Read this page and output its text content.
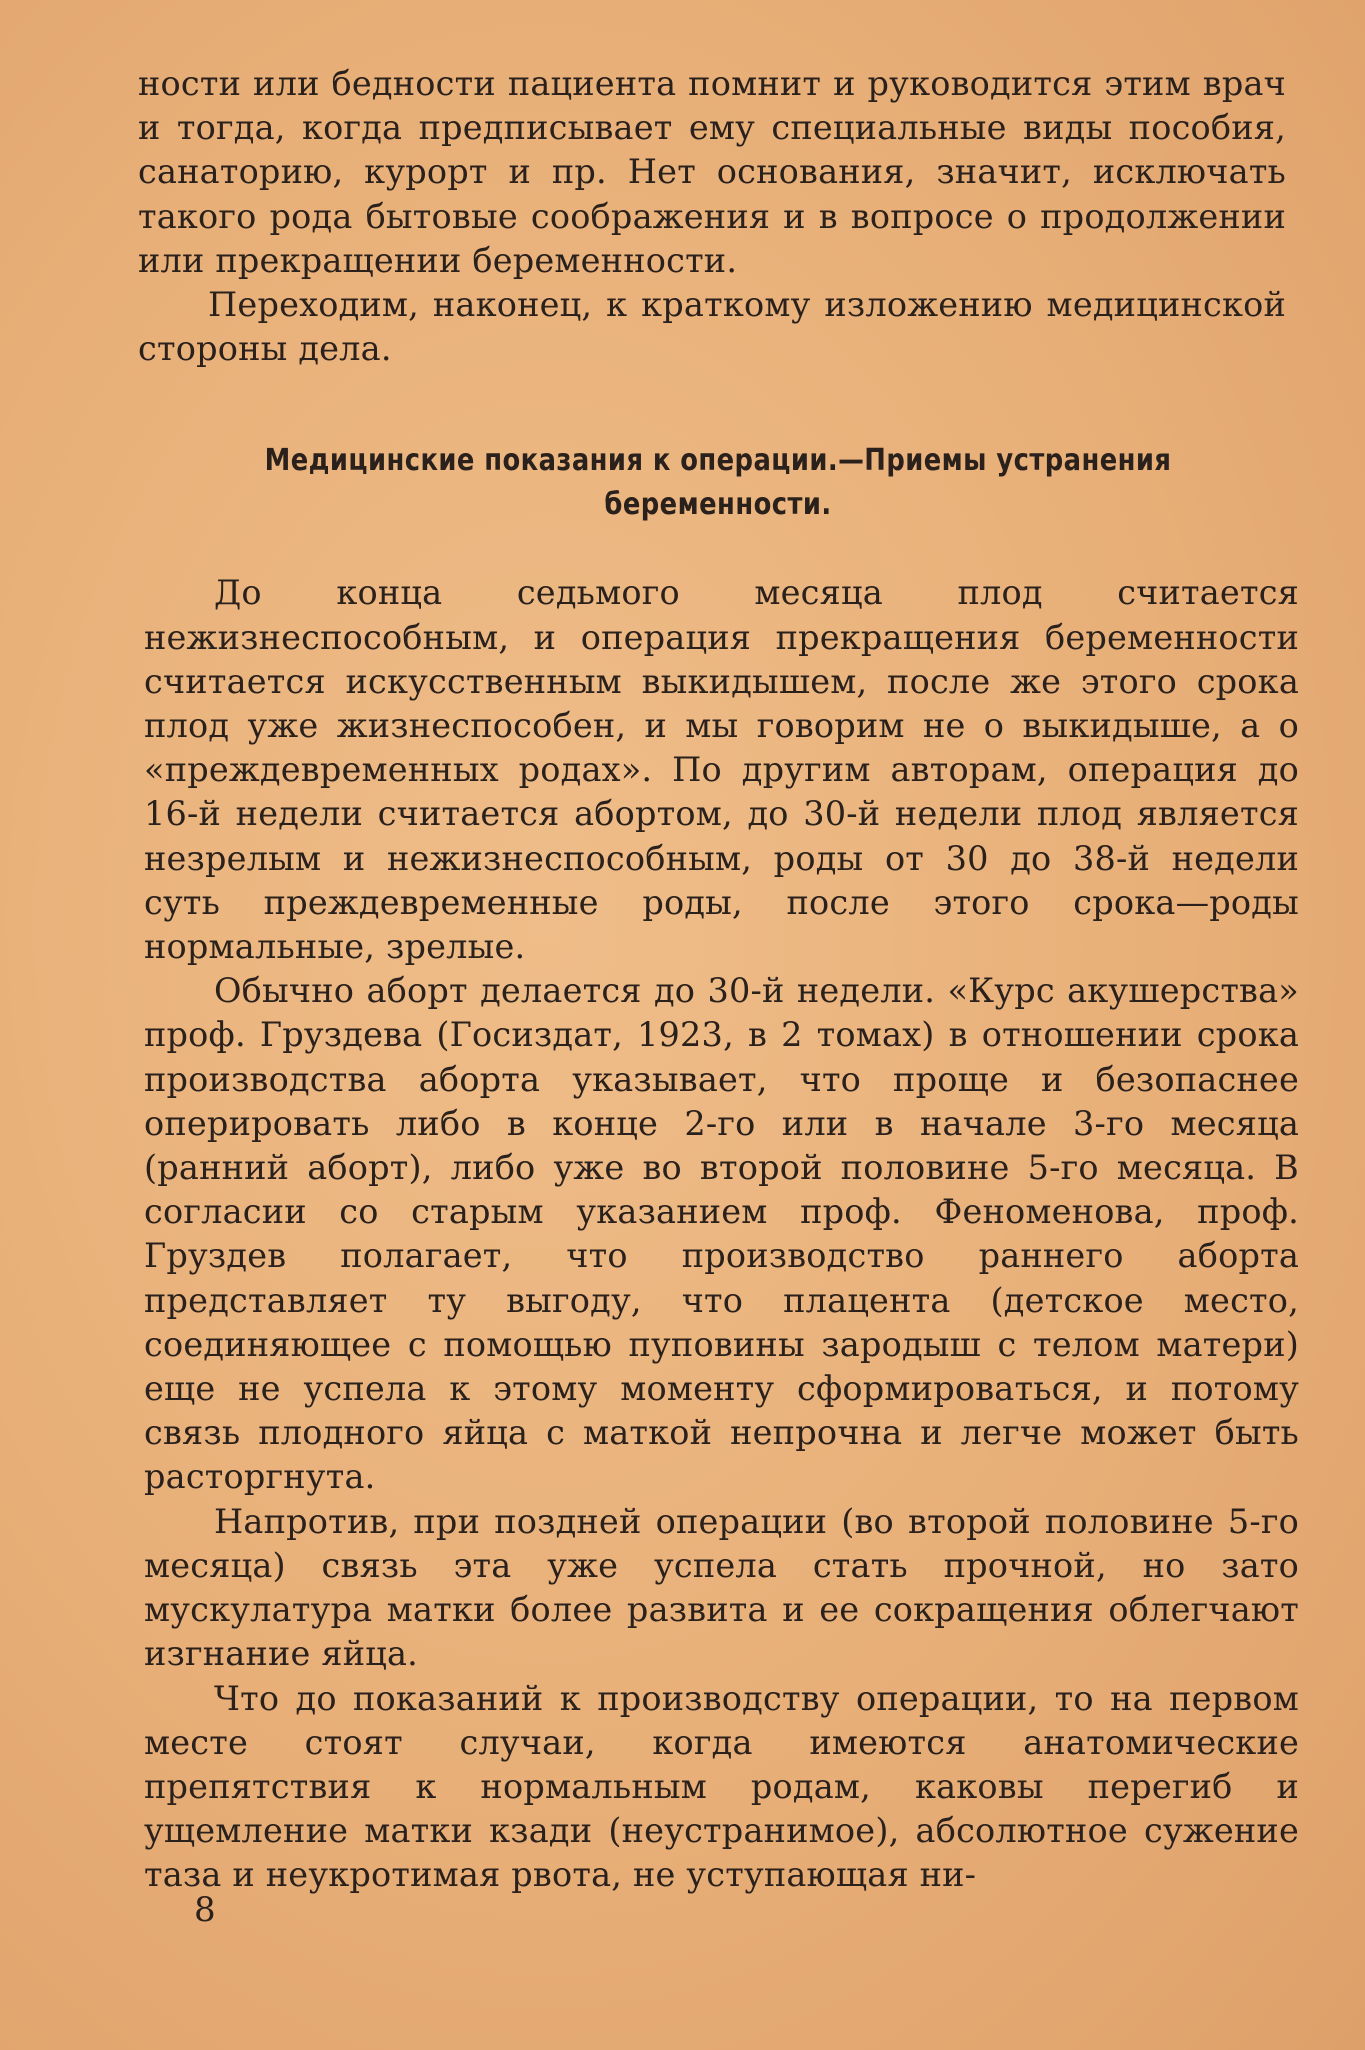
ности или бедности пациента помнит и руководится этим врач и тогда, когда предписывает ему специальные виды пособия, санаторию, курорт и пр. Нет основания, значит, исключать такого рода бытовые соображения и в вопросе о продолжении или прекращении беременности.

Переходим, наконец, к краткому изложению медицинской стороны дела.

Медицинские показания к операции.—Приемы устранения
беременности.

До конца седьмого месяца плод считается нежизнеспособным, и операция прекращения беременности считается искусственным выкидышем, после же этого срока плод уже жизнеспособен, и мы говорим не о выкидыше, а о «преждевременных родах». По другим авторам, операция до 16-й недели считается абортом, до 30-й недели плод является незрелым и нежизнеспособным, роды от 30 до 38-й недели суть преждевременные роды, после этого срока—роды нормальные, зрелые.

Обычно аборт делается до 30-й недели. «Курс акушерства» проф. Груздева (Госиздат, 1923, в 2 томах) в отношении срока производства аборта указывает, что проще и безопаснее оперировать либо в конце 2-го или в начале 3-го месяца (ранний аборт), либо уже во второй половине 5-го месяца. В согласии со старым указанием проф. Феноменова, проф. Груздев полагает, что производство раннего аборта представляет ту выгоду, что плацента (детское место, соединяющее с помощью пуповины зародыш с телом матери) еще не успела к этому моменту сформироваться, и потому связь плодного яйца с маткой непрочна и легче может быть расторгнута.

Напротив, при поздней операции (во второй половине 5-го месяца) связь эта уже успела стать прочной, но зато мускулатура матки более развита и ее сокращения облегчают изгнание яйца.

Что до показаний к производству операции, то на первом месте стоят случаи, когда имеются анатомические препятствия к нормальным родам, каковы перегиб и ущемление матки кзади (неустранимое), абсолютное сужение таза и неукротимая рвота, не уступающая ни-

8
